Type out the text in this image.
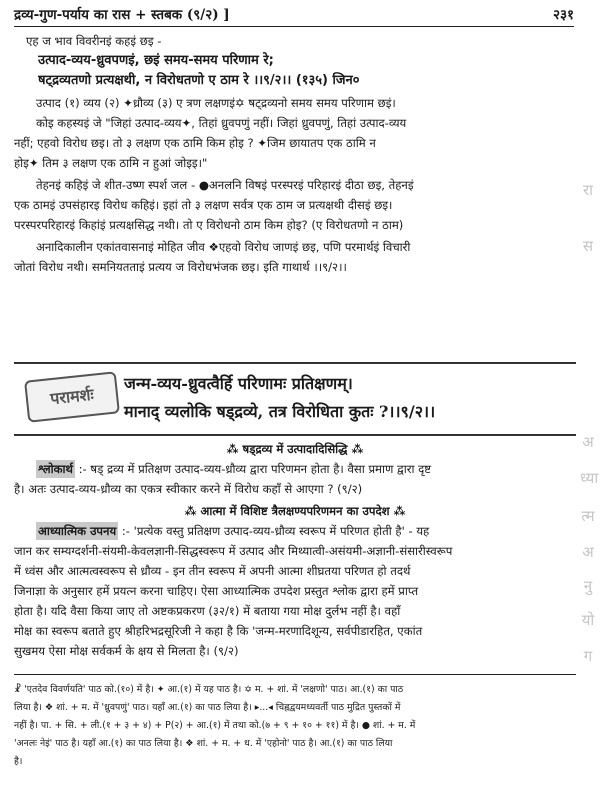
द्रव्य-गुण-पर्याय का रास + स्तबक (९/२) ]	२३१
एह ज भाव विवरीनइं कहइं छइ -
उत्पाद-व्यय-ध्रुवपणइं, छइं समय-समय परिणाम रे;
षट्द्रव्यतणो प्रत्यक्षथी, न विरोधतणो ए ठाम रे ।।९/२।। (१३५) जिन०
उत्पाद (१) व्यय (२) ✦ध्रौव्य (३) ए त्रण लक्षणइं✡ षट्द्रव्यनो समय समय परिणाम छइं।
कोइ कहस्यइं जे "जिहां उत्पाद-व्यय✦, तिहां ध्रुवपणुं नहीं। जिहां ध्रुवपणुं, तिहां उत्पाद-व्यय
नहीं; एहवो विरोध छइ। तो ३ लक्षण एक ठामि किम होइ ? ✦जिम छायातप एक ठामि न
होइ✦ तिम ३ लक्षण एक ठामि न हुआं जोइइ।"
तेहनइं कहिइं जे शीत-उष्ण स्पर्श जल - ●अनलनि विषइं परस्परइं परिहारइं दीठा छइ, तेहनइं
एक ठामइं उपसंहारइ विरोध कहिइं। इहां तो ३ लक्षण सर्वत्र एक ठाम ज प्रत्यक्षथी दीसइं छइ।
परस्परपरिहारइं किहांइं प्रत्यक्षसिद्ध नथी। तो ए विरोधनो ठाम किम होइ? (ए विरोधतणो न ठाम)
अनादिकालीन एकांतवासनाइं मोहित जीव ❖एहवो विरोध जाणइं छइ, पणि परमार्थइं विचारी
जोतां विरोध नथी। समनियतताइं प्रत्यय ज विरोधभंजक छइ। इति गाथार्थ ।।९/२।।
परामर्शः
जन्म-व्यय-ध्रुवत्वैर्हि परिणामः प्रतिक्षणम्।
मानाद् व्यलोकि षड्द्रव्ये, तत्र विरोधिता कुतः ?।।९/२।।
⁂ षड्द्रव्य में उत्पादादिसिद्धि ⁂
श्लोकार्थ :- षड् द्रव्य में प्रतिक्षण उत्पाद-व्यय-ध्रौव्य द्वारा परिणमन होता है। वैसा प्रमाण द्वारा दृष्ट
है। अतः उत्पाद-व्यय-ध्रौव्य का एकत्र स्वीकार करने में विरोध कहाँ से आएगा ? (९/२)
⁂ आत्मा में विशिष्ट त्रैलक्षण्यपरिणमन का उपदेश ⁂
आध्यात्मिक उपनय :- 'प्रत्येक वस्तु प्रतिक्षण उत्पाद-व्यय-ध्रौव्य स्वरूप में परिणत होती है' - यह
जान कर सम्यग्दर्शनी-संयमी-केवलज्ञानी-सिद्धस्वरूप में उत्पाद और मिथ्यात्वी-असंयमी-अज्ञानी-संसारीस्वरूप
में ध्वंस और आत्मत्वस्वरूप से ध्रौव्य - इन तीन स्वरूप में अपनी आत्मा शीघ्रतया परिणत हो तदर्थ
जिनाज्ञा के अनुसार हमें प्रयत्न करना चाहिए। ऐसा आध्यात्मिक उपदेश प्रस्तुत श्लोक द्वारा हमें प्राप्त
होता है। यदि वैसा किया जाए तो अष्टकप्रकरण (३२/१) में बताया गया मोक्ष दुर्लभ नहीं है। वहाँ
मोक्ष का स्वरूप बताते हुए श्रीहरिभद्रसूरिजी ने कहा है कि 'जन्म-मरणादिशून्य, सर्वपीडारहित, एकांत
सुखमय ऐसा मोक्ष सर्वकर्म के क्षय से मिलता है। (९/२)
☧ 'एतदेव विवर्णयति' पाठ को.(१०) में है। ✦ आ.(१) में यह पाठ है। ✡ म. + शां. में 'लक्षणो' पाठ। आ.(१) का पाठ
लिया है। ❖ शां. + म. में 'ध्रुवपणुं' पाठ। यहाँ आ.(१) का पाठ लिया है। ▸...◂ चिह्नद्वयमध्यवर्ती पाठ मुद्रित पुस्तकों में
नहीं है। पा. + सि. + ली.(१ + ३ + ४) + P(२) + आ.(१) में तथा को.(७ + ९ + १० + ११) में है। ● शां. + म. में
'अनलः नेइं' पाठ है। यहाँ आ.(१) का पाठ लिया है। ❖ शां. + म. + ध. में 'एहोनो' पाठ है। आ.(१) का पाठ लिया
है।
रा
स
अ
ध्या
त्म
अ
नु
यो
ग
